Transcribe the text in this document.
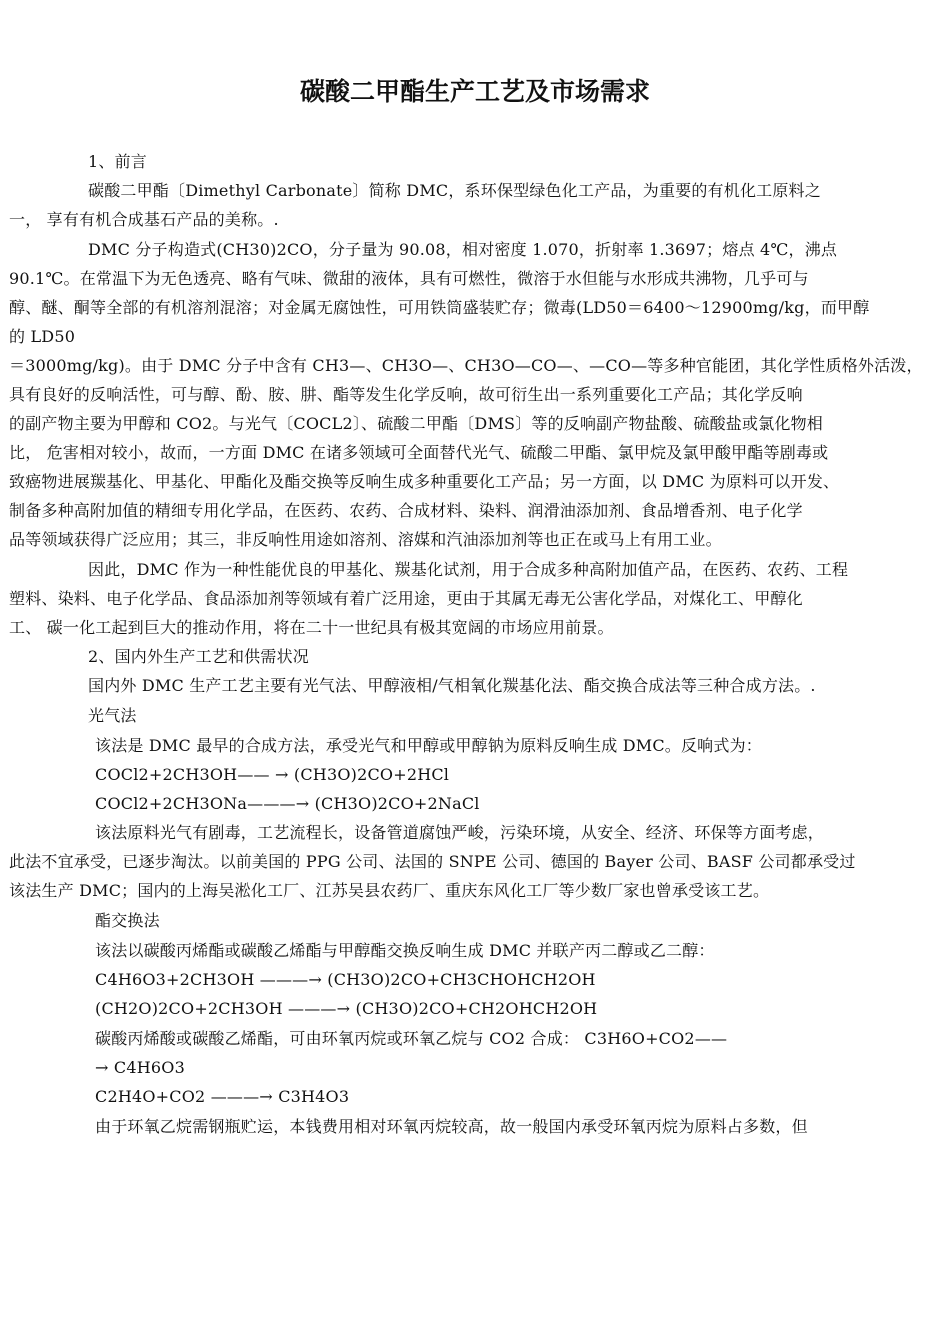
碳酸二甲酯生产工艺及市场需求
1、前言
碳酸二甲酯〔Dimethyl Carbonate〕简称 DMC，系环保型绿色化工产品，为重要的有机化工原料之
一， 享有有机合成基石产品的美称。.
DMC 分子构造式(CH30)2CO，分子量为 90.08，相对密度 1.070，折射率 1.3697；熔点 4℃，沸点
90.1℃。在常温下为无色透亮、略有气味、微甜的液体，具有可燃性，微溶于水但能与水形成共沸物，几乎可与
醇、醚、酮等全部的有机溶剂混溶；对金属无腐蚀性，可用铁筒盛装贮存；微毒(LD50＝6400～12900mg/kg，而甲醇
的 LD50
＝3000mg/kg)。由于 DMC 分子中含有 CH3—、CH3O—、CH3O—CO—、—CO—等多种官能团，其化学性质格外活泼，
具有良好的反响活性，可与醇、酚、胺、肼、酯等发生化学反响，故可衍生出一系列重要化工产品；其化学反响
的副产物主要为甲醇和 CO2。与光气〔COCL2〕、硫酸二甲酯〔DMS〕等的反响副产物盐酸、硫酸盐或氯化物相
比， 危害相对较小，故而，一方面 DMC 在诸多领域可全面替代光气、硫酸二甲酯、氯甲烷及氯甲酸甲酯等剧毒或
致癌物进展羰基化、甲基化、甲酯化及酯交换等反响生成多种重要化工产品；另一方面，以 DMC 为原料可以开发、
制备多种高附加值的精细专用化学品，在医药、农药、合成材料、染料、润滑油添加剂、食品增香剂、电子化学
品等领域获得广泛应用；其三，非反响性用途如溶剂、溶媒和汽油添加剂等也正在或马上有用工业。
因此，DMC 作为一种性能优良的甲基化、羰基化试剂，用于合成多种高附加值产品，在医药、农药、工程
塑料、染料、电子化学品、食品添加剂等领域有着广泛用途，更由于其属无毒无公害化学品，对煤化工、甲醇化
工、 碳一化工起到巨大的推动作用，将在二十一世纪具有极其宽阔的市场应用前景。
2、国内外生产工艺和供需状况
国内外 DMC 生产工艺主要有光气法、甲醇液相/气相氧化羰基化法、酯交换合成法等三种合成方法。.
光气法
该法是 DMC 最早的合成方法，承受光气和甲醇或甲醇钠为原料反响生成 DMC。反响式为：
COCl2+2CH3OH—— → (CH3O)2CO+2HCl
COCl2+2CH3ONa———→ (CH3O)2CO+2NaCl
该法原料光气有剧毒，工艺流程长，设备管道腐蚀严峻，污染环境，从安全、经济、环保等方面考虑，
此法不宜承受，已逐步淘汰。以前美国的 PPG 公司、法国的 SNPE 公司、德国的 Bayer 公司、BASF 公司都承受过
该法生产 DMC；国内的上海吴淞化工厂、江苏吴县农药厂、重庆东风化工厂等少数厂家也曾承受该工艺。
酯交换法
该法以碳酸丙烯酯或碳酸乙烯酯与甲醇酯交换反响生成 DMC 并联产丙二醇或乙二醇：
C4H6O3+2CH3OH ———→ (CH3O)2CO+CH3CHOHCH2OH
(CH2O)2CO+2CH3OH ———→ (CH3O)2CO+CH2OHCH2OH
碳酸丙烯酸或碳酸乙烯酯，可由环氧丙烷或环氧乙烷与 CO2 合成： C3H6O+CO2——
→ C4H6O3
C2H4O+CO2 ———→ C3H4O3
由于环氧乙烷需钢瓶贮运，本钱费用相对环氧丙烷较高，故一般国内承受环氧丙烷为原料占多数，但
